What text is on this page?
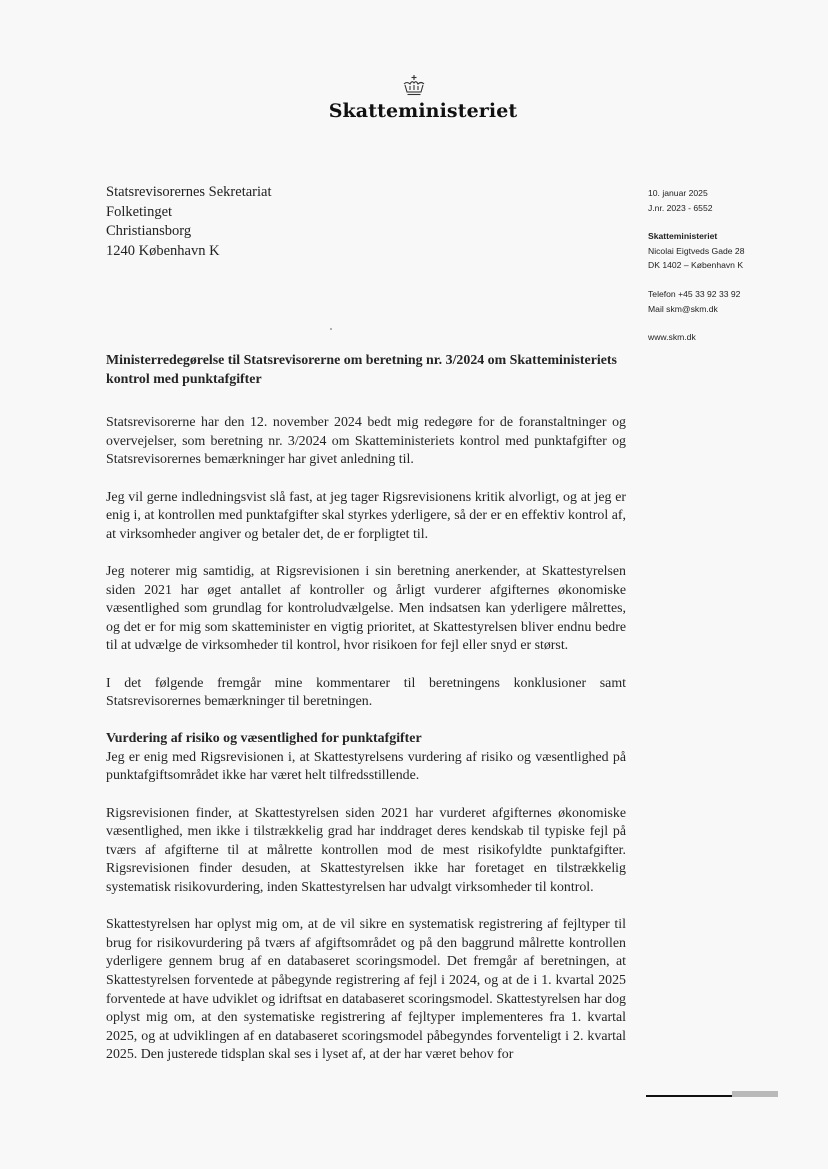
Skatteministeriet
Statsrevisorernes Sekretariat
Folketinget
Christiansborg
1240 København K
10. januar 2025
J.nr. 2023 - 6552
Skatteministeriet
Nicolai Eigtveds Gade 28
DK 1402 – København K
Telefon +45 33 92 33 92
Mail skm@skm.dk
www.skm.dk
Ministerredegørelse til Statsrevisorerne om beretning nr. 3/2024 om Skatteministeriets kontrol med punktafgifter

Statsrevisorerne har den 12. november 2024 bedt mig redegøre for de foranstaltninger og overvejelser, som beretning nr. 3/2024 om Skatteministeriets kontrol med punktafgifter og Statsrevisorernes bemærkninger har givet anledning til.

Jeg vil gerne indledningsvist slå fast, at jeg tager Rigsrevisionens kritik alvorligt, og at jeg er enig i, at kontrollen med punktafgifter skal styrkes yderligere, så der er en effektiv kontrol af, at virksomheder angiver og betaler det, de er forpligtet til.

Jeg noterer mig samtidig, at Rigsrevisionen i sin beretning anerkender, at Skattestyrelsen siden 2021 har øget antallet af kontroller og årligt vurderer afgifternes økonomiske væsentlighed som grundlag for kontroludvælgelse. Men indsatsen kan yderligere målrettes, og det er for mig som skatteminister en vigtig prioritet, at Skattestyrelsen bliver endnu bedre til at udvælge de virksomheder til kontrol, hvor risikoen for fejl eller snyd er størst.

I det følgende fremgår mine kommentarer til beretningens konklusioner samt Statsrevisorernes bemærkninger til beretningen.

Vurdering af risiko og væsentlighed for punktafgifter

Jeg er enig med Rigsrevisionen i, at Skattestyrelsens vurdering af risiko og væsentlighed på punktafgiftsområdet ikke har været helt tilfredsstillende.

Rigsrevisionen finder, at Skattestyrelsen siden 2021 har vurderet afgifternes økonomiske væsentlighed, men ikke i tilstrækkelig grad har inddraget deres kendskab til typiske fejl på tværs af afgifterne til at målrette kontrollen mod de mest risikofyldte punktafgifter. Rigsrevisionen finder desuden, at Skattestyrelsen ikke har foretaget en tilstrækkelig systematisk risikovurdering, inden Skattestyrelsen har udvalgt virksomheder til kontrol.

Skattestyrelsen har oplyst mig om, at de vil sikre en systematisk registrering af fejltyper til brug for risikovurdering på tværs af afgiftsområdet og på den baggrund målrette kontrollen yderligere gennem brug af en databaseret scoringsmodel. Det fremgår af beretningen, at Skattestyrelsen forventede at påbegynde registrering af fejl i 2024, og at de i 1. kvartal 2025 forventede at have udviklet og idriftsat en databaseret scoringsmodel. Skattestyrelsen har dog oplyst mig om, at den systematiske registrering af fejltyper implementeres fra 1. kvartal 2025, og at udviklingen af en databaseret scoringsmodel påbegyndes forventeligt i 2. kvartal 2025. Den justerede tidsplan skal ses i lyset af, at der har været behov for
